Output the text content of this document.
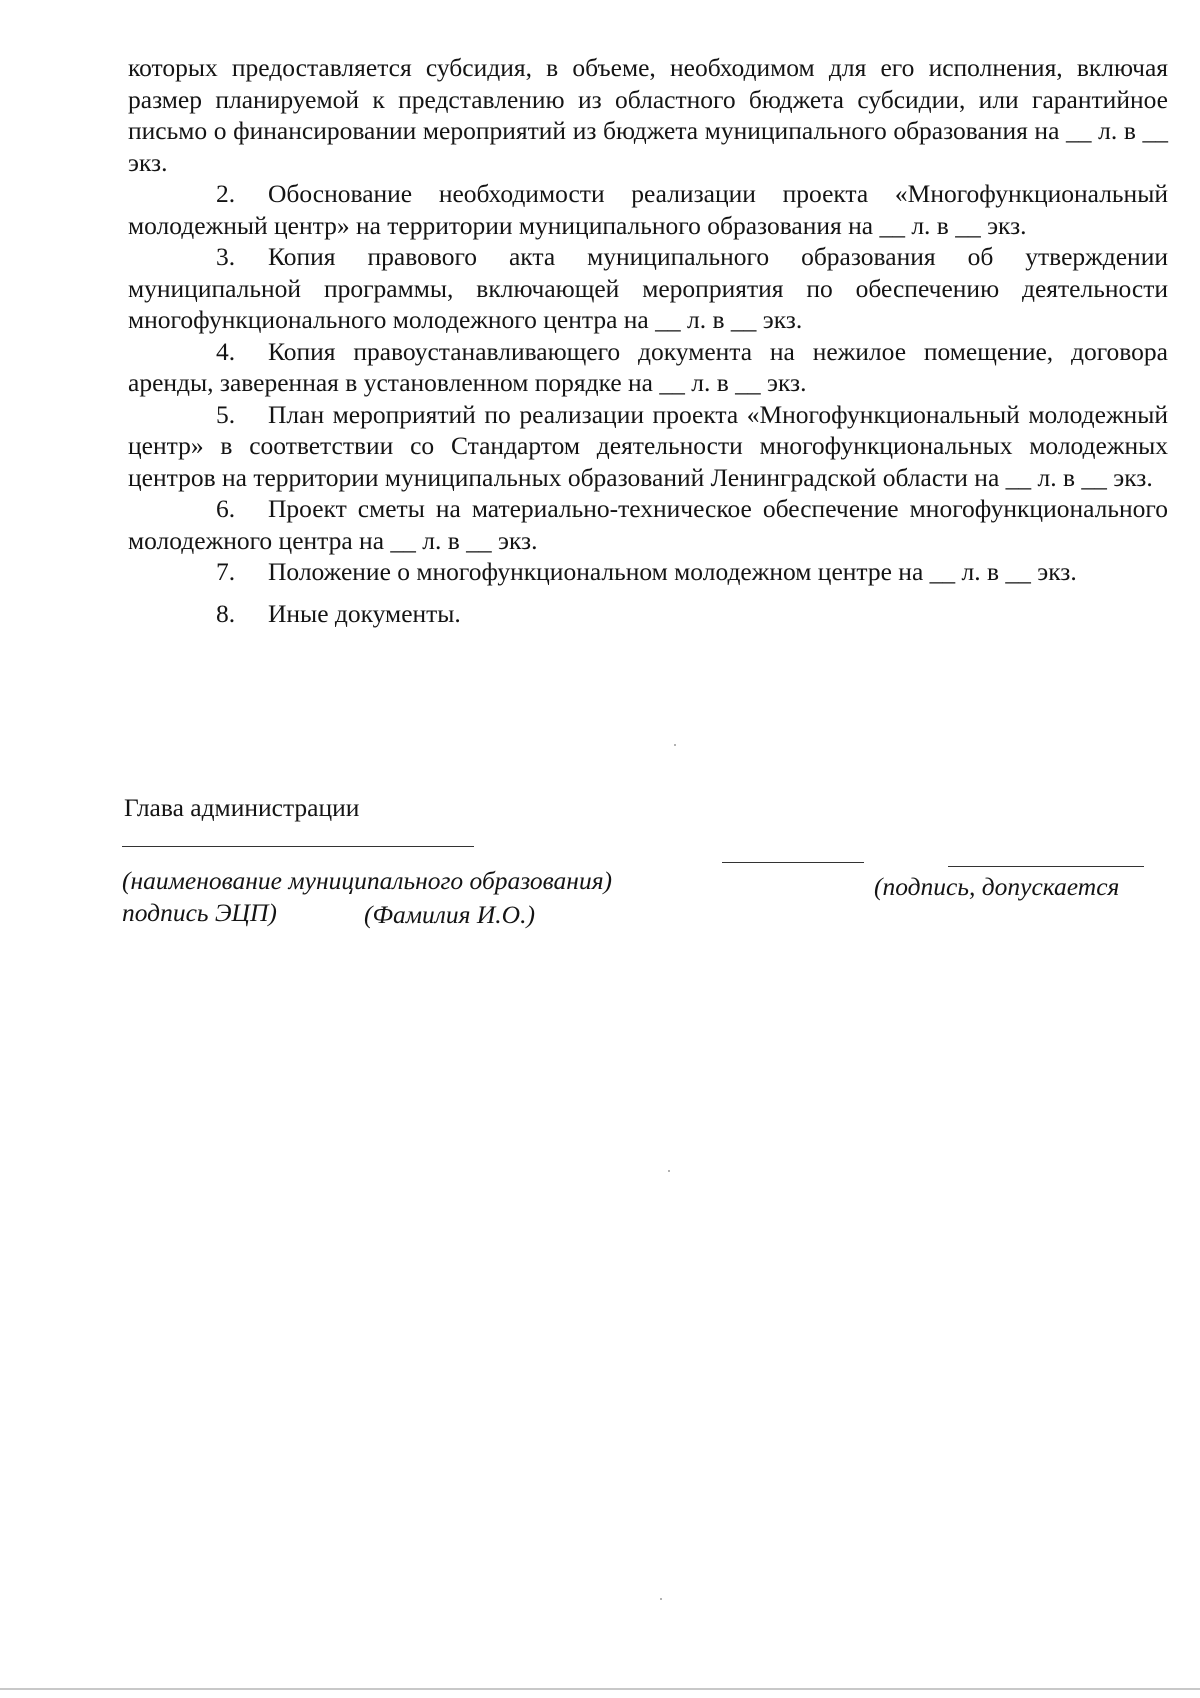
которых предоставляется субсидия, в объеме, необходимом для его исполнения, включая размер планируемой к представлению из областного бюджета субсидии, или гарантийное письмо о финансировании мероприятий из бюджета муниципального образования на __ л. в __ экз.

2. Обоснование необходимости реализации проекта «Многофункциональный молодежный центр» на территории муниципального образования на __ л. в __ экз.

3. Копия правового акта муниципального образования об утверждении муниципальной программы, включающей мероприятия по обеспечению деятельности многофункционального молодежного центра на __ л. в __ экз.

4. Копия правоустанавливающего документа на нежилое помещение, договора аренды, заверенная в установленном порядке на __ л. в __ экз.

5. План мероприятий по реализации проекта «Многофункциональный молодежный центр» в соответствии со Стандартом деятельности многофункциональных молодежных центров на территории муниципальных образований Ленинградской области на __ л. в __ экз.

6. Проект сметы на материально-техническое обеспечение многофункционального молодежного центра на __ л. в __ экз.

7. Положение о многофункциональном молодежном центре на __ л. в __ экз.

8. Иные документы.

Глава администрации
(наименование муниципального образования)	(подпись, допускается
подпись ЭЦП)	(Фамилия И.О.)
